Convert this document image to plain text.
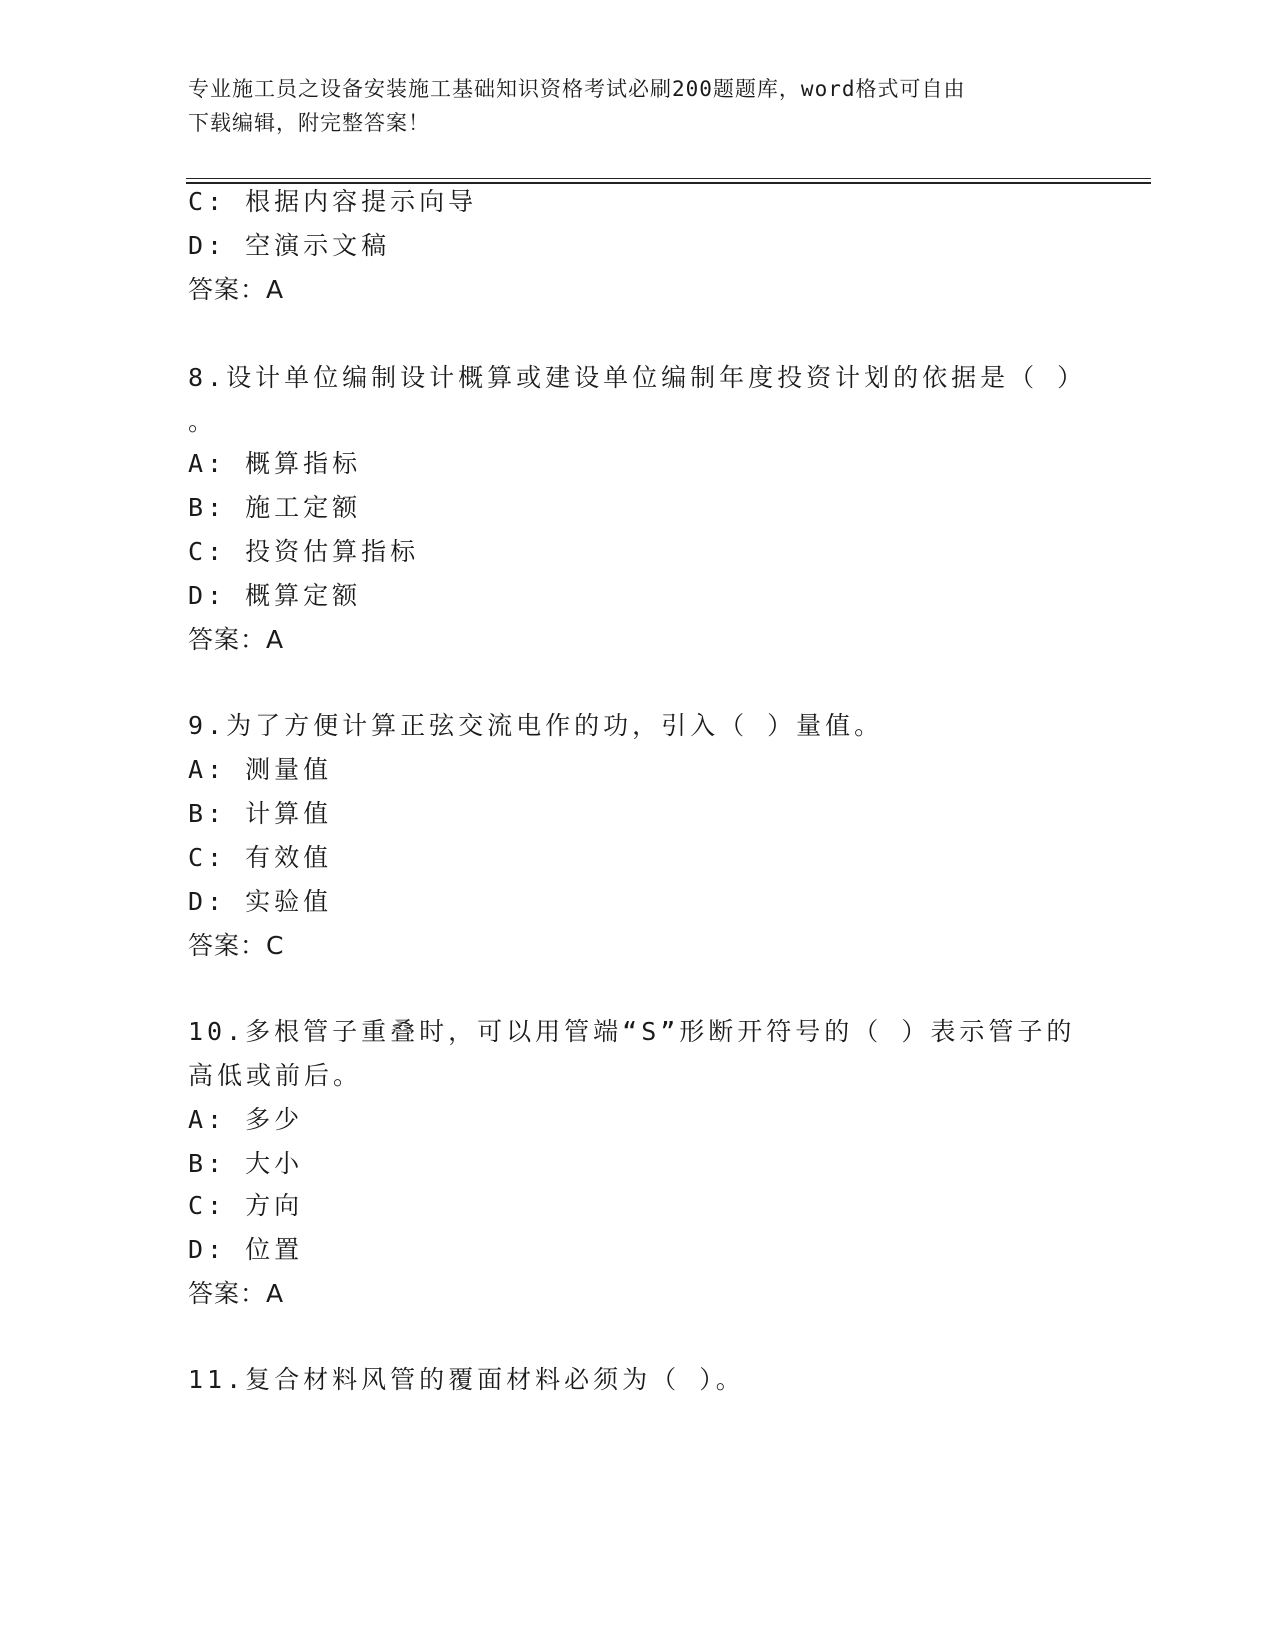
专业施工员之设备安装施工基础知识资格考试必刷200题题库，word格式可自由
下载编辑，附完整答案！
C: 根据内容提示向导
D: 空演示文稿
答案：A
8.设计单位编制设计概算或建设单位编制年度投资计划的依据是（ ）
。
A: 概算指标
B: 施工定额
C: 投资估算指标
D: 概算定额
答案：A
9.为了方便计算正弦交流电作的功，引入（ ）量值。
A: 测量值
B: 计算值
C: 有效值
D: 实验值
答案：C
10.多根管子重叠时，可以用管端“S”形断开符号的（ ）表示管子的
高低或前后。
A: 多少
B: 大小
C: 方向
D: 位置
答案：A
11.复合材料风管的覆面材料必须为（ ）。
